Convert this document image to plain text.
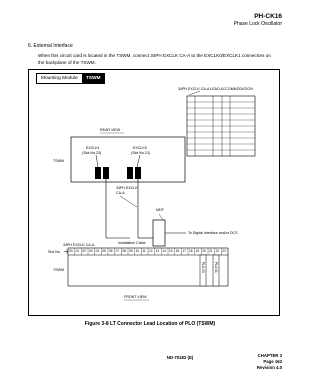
PH-CK16
Phase Lock Oscillator
6. External Interface
When this circuit card is located in the TSWM, connect 34PH EXCLK CA-A to the EXCLK0/EXCLK1 connectors on the backplane of the TSWM.
Mounting Module	TSWM
REAR VIEW
TSWM
EXCLK1
(Slot No.23)
EXCLK0
(Slot No.21)
34PH EXCLK
CA-A
MDF
Installation Cable
To Digital Interface and/or DCS
34PH EXCLK CA-A
34PH EXCLK CA-A LEAD ACCOMMODATION
Slot No.
TSWM
FRONT VIEW
PLO #0	PLO #1
00 01 02 03 04 05 06 07 08 09 10 11 12 13 14 15 16 17 18 19 20 21 22 23
Figure 3-8 LT Connector Lead Location of PLO (TSWM)
ND-70182 (E)	CHAPTER 3
Page 163
Revision 4.0
